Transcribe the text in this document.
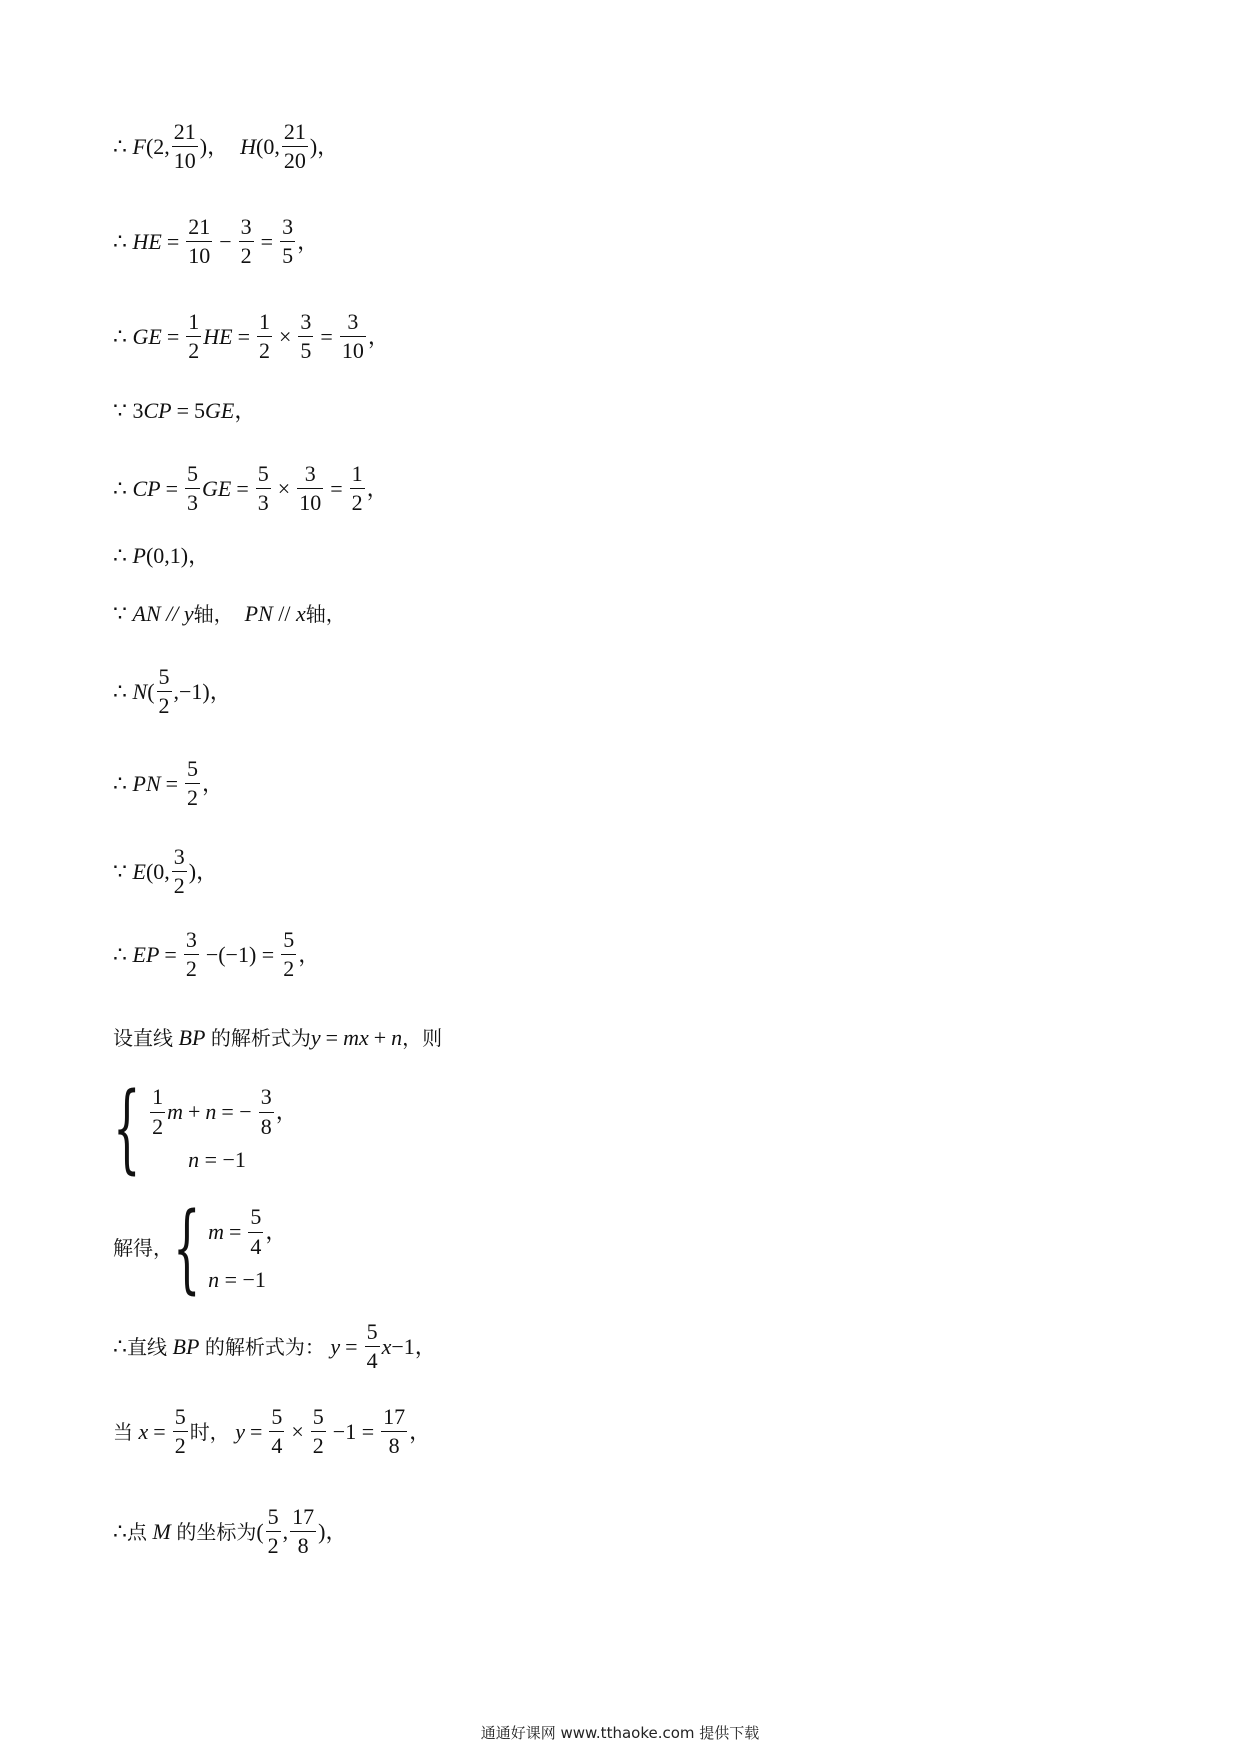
∴
F ( 2, $\frac{21}{10}$ ) ，
H ( 0, $\frac{21}{20}$ ) ，
∴
HE = $\frac{21}{10} - \frac{3}{2} = \frac{3}{5}$ ，
∴
GE = $\frac{1}{2}$ HE = $\frac{1}{2} \times \frac{3}{5} = \frac{3}{10}$ ，
∵
3 CP = 5 GE ，
∴
CP = $\frac{5}{3}$ GE = $\frac{5}{3} \times \frac{3}{10} = \frac{1}{2}$ ，
∴
P (0,1) ，
∵
AN
//
y 轴，
PN
//
x 轴，
∴
N ( $\frac{5}{2} ,-1$) ，
∴
PN = $\frac{5}{2}$ ，
∵
E (0, $\frac{3}{2}$ ) ，
∴
EP = $\frac{3}{2} -(-1) = \frac{5}{2}$ ，
设直线
BP
的解析式为 y = mx + n ，则
{ $\frac{1}{2}$ m + n = − $\frac{3}{8}$ ，
n
= −1
解得， { $m = \frac{5}{4}$ ，
n
= −1
∴ 直线
BP
的解析式为：
$y = \frac{5}{4}$ x −1 ，
当
$x = \frac{5}{2}$ 时，
$y = \frac{5}{4} \times \frac{5}{2} -1 = \frac{17}{8}$ ，
∴ 点
M
的坐标为 ( $\frac{5}{2}$ , $\frac{17}{8}$ ) ，
通通好课网 www.tthaoke.com 提供下载
